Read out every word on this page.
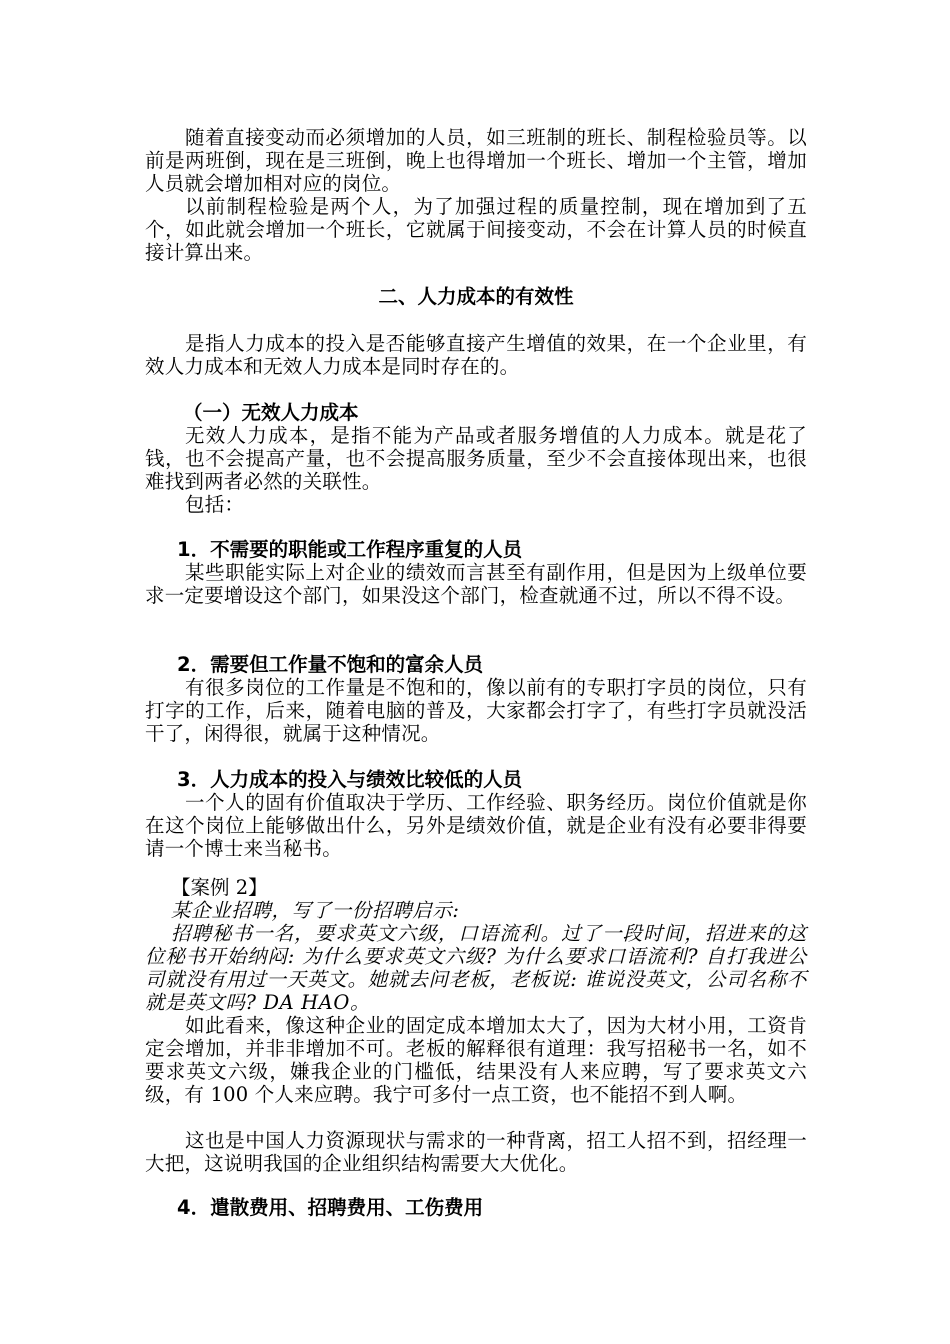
随着直接变动而必须增加的人员，如三班制的班长、制程检验员等。以前是两班倒，现在是三班倒，晚上也得增加一个班长、增加一个主管，增加人员就会增加相对应的岗位。

以前制程检验是两个人，为了加强过程的质量控制，现在增加到了五个，如此就会增加一个班长，它就属于间接变动，不会在计算人员的时候直接计算出来。

二、人力成本的有效性

是指人力成本的投入是否能够直接产生增值的效果，在一个企业里，有效人力成本和无效人力成本是同时存在的。

（一）无效人力成本

无效人力成本，是指不能为产品或者服务增值的人力成本。就是花了钱，也不会提高产量，也不会提高服务质量，至少不会直接体现出来，也很难找到两者必然的关联性。

包括：

1．不需要的职能或工作程序重复的人员

某些职能实际上对企业的绩效而言甚至有副作用，但是因为上级单位要求一定要增设这个部门，如果没这个部门，检查就通不过，所以不得不设。

2．需要但工作量不饱和的富余人员

有很多岗位的工作量是不饱和的，像以前有的专职打字员的岗位，只有打字的工作，后来，随着电脑的普及，大家都会打字了，有些打字员就没活干了，闲得很，就属于这种情况。

3．人力成本的投入与绩效比较低的人员

一个人的固有价值取决于学历、工作经验、职务经历。岗位价值就是你在这个岗位上能够做出什么，另外是绩效价值，就是企业有没有必要非得要请一个博士来当秘书。

【案例 2】

某企业招聘，写了一份招聘启示:

招聘秘书一名，要求英文六级，口语流利。过了一段时间，招进来的这位秘书开始纳闷: 为什么要求英文六级? 为什么要求口语流利? 自打我进公司就没有用过一天英文。她就去问老板，老板说: 谁说没英文，公司名称不就是英文吗? DA HAO。

如此看来，像这种企业的固定成本增加太大了，因为大材小用，工资肯定会增加，并非非增加不可。老板的解释很有道理：我写招秘书一名，如不要求英文六级，嫌我企业的门槛低，结果没有人来应聘，写了要求英文六级，有 100 个人来应聘。我宁可多付一点工资，也不能招不到人啊。

这也是中国人力资源现状与需求的一种背离，招工人招不到，招经理一大把，这说明我国的企业组织结构需要大大优化。

4．遣散费用、招聘费用、工伤费用
